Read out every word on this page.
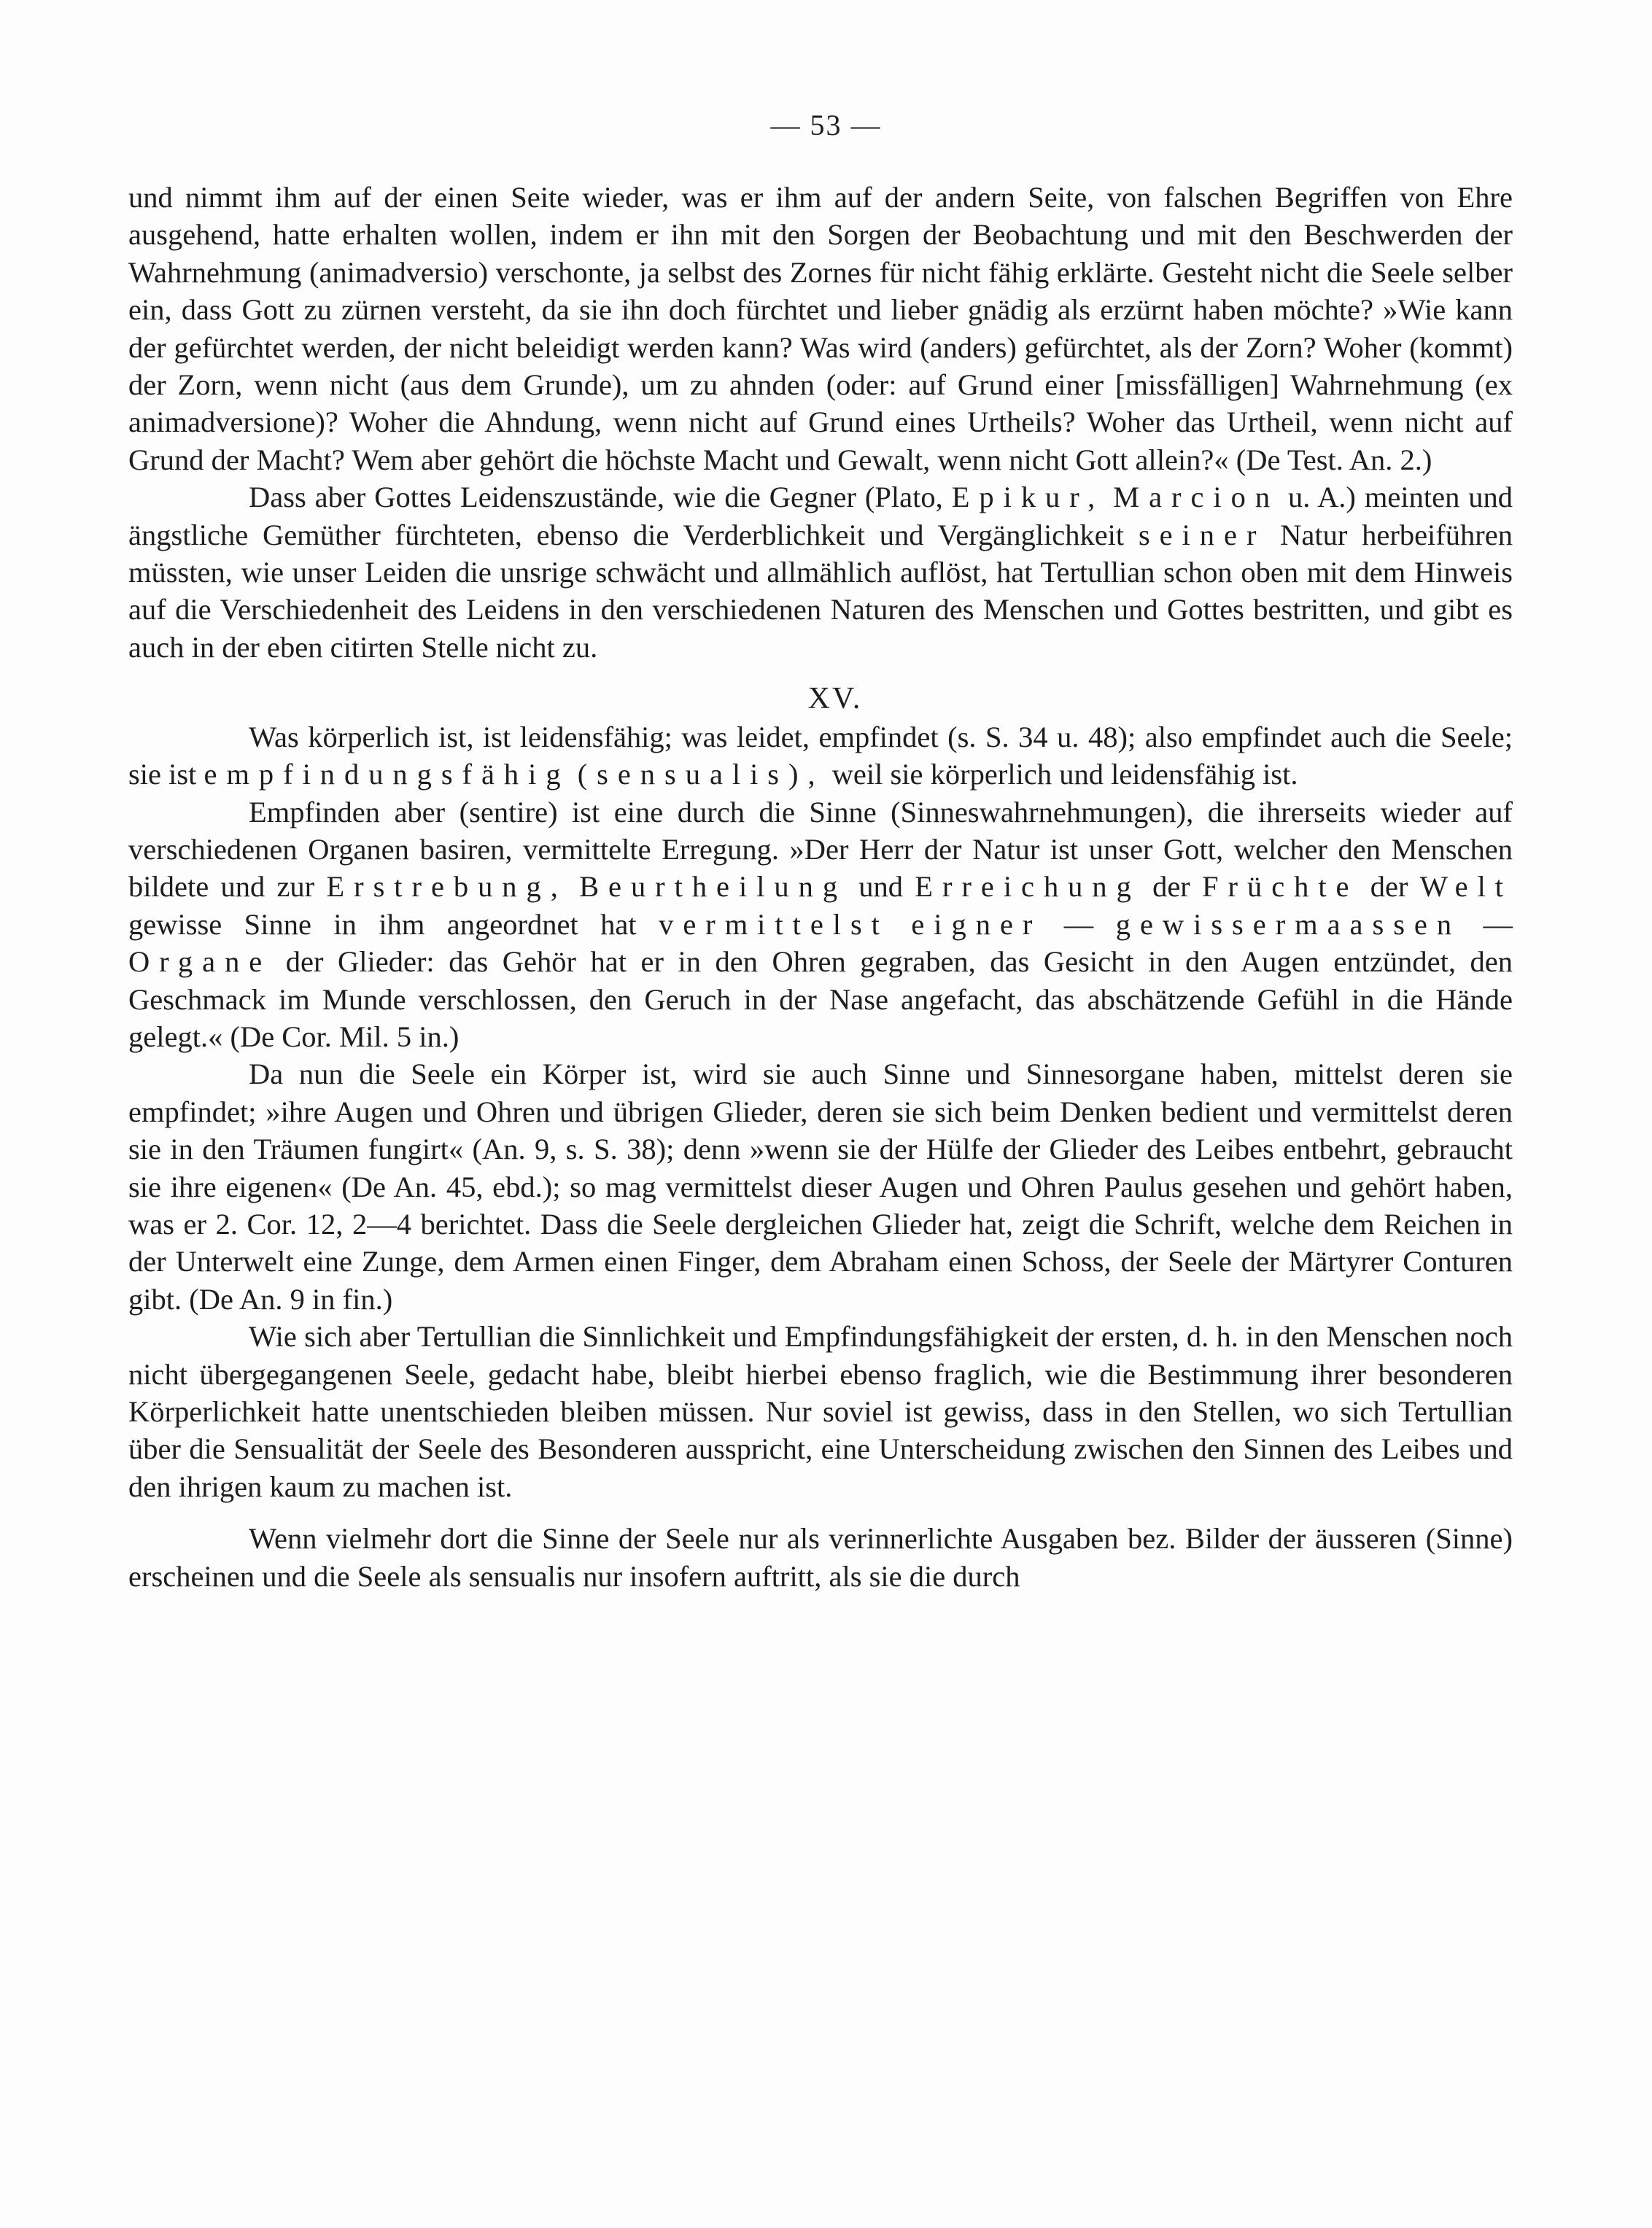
— 53 —

und nimmt ihm auf der einen Seite wieder, was er ihm auf der andern Seite, von falschen Begriffen von Ehre ausgehend, hatte erhalten wollen, indem er ihn mit den Sorgen der Beobachtung und mit den Beschwerden der Wahrnehmung (animadversio) verschonte, ja selbst des Zornes für nicht fähig erklärte. Gesteht nicht die Seele selber ein, dass Gott zu zürnen versteht, da sie ihn doch fürchtet und lieber gnädig als erzürnt haben möchte? »Wie kann der gefürchtet werden, der nicht beleidigt werden kann? Was wird (anders) gefürchtet, als der Zorn? Woher (kommt) der Zorn, wenn nicht (aus dem Grunde), um zu ahnden (oder: auf Grund einer [missfälligen] Wahrnehmung (ex animadversione)? Woher die Ahndung, wenn nicht auf Grund eines Urtheils? Woher das Urtheil, wenn nicht auf Grund der Macht? Wem aber gehört die höchste Macht und Gewalt, wenn nicht Gott allein?« (De Test. An. 2.)

Dass aber Gottes Leidenszustände, wie die Gegner (Plato, Epikur, Marcion u. A.) meinten und ängstliche Gemüther fürchteten, ebenso die Verderblichkeit und Vergänglichkeit seiner Natur herbeiführen müssten, wie unser Leiden die unsrige schwächt und allmählich auflöst, hat Tertullian schon oben mit dem Hinweis auf die Verschiedenheit des Leidens in den verschiedenen Naturen des Menschen und Gottes bestritten, und gibt es auch in der eben citirten Stelle nicht zu.

XV.

Was körperlich ist, ist leidensfähig; was leidet, empfindet (s. S. 34 u. 48); also empfindet auch die Seele; sie ist empfindungsfähig (sensualis), weil sie körperlich und leidensfähig ist.

Empfinden aber (sentire) ist eine durch die Sinne (Sinneswahrnehmungen), die ihrerseits wieder auf verschiedenen Organen basiren, vermittelte Erregung. »Der Herr der Natur ist unser Gott, welcher den Menschen bildete und zur Erstrebung, Beurtheilung und Erreichung der Früchte der Welt gewisse Sinne in ihm angeordnet hat vermittelst eigner — gewissermaassen — Organe der Glieder: das Gehör hat er in den Ohren gegraben, das Gesicht in den Augen entzündet, den Geschmack im Munde verschlossen, den Geruch in der Nase angefacht, das abschätzende Gefühl in die Hände gelegt.« (De Cor. Mil. 5 in.)

Da nun die Seele ein Körper ist, wird sie auch Sinne und Sinnesorgane haben, mittelst deren sie empfindet; »ihre Augen und Ohren und übrigen Glieder, deren sie sich beim Denken bedient und vermittelst deren sie in den Träumen fungirt« (An. 9, s. S. 38); denn »wenn sie der Hülfe der Glieder des Leibes entbehrt, gebraucht sie ihre eigenen« (De An. 45, ebd.); so mag vermittelst dieser Augen und Ohren Paulus gesehen und gehört haben, was er 2. Cor. 12, 2—4 berichtet. Dass die Seele dergleichen Glieder hat, zeigt die Schrift, welche dem Reichen in der Unterwelt eine Zunge, dem Armen einen Finger, dem Abraham einen Schoss, der Seele der Märtyrer Conturen gibt. (De An. 9 in fin.)

Wie sich aber Tertullian die Sinnlichkeit und Empfindungsfähigkeit der ersten, d. h. in den Menschen noch nicht übergegangenen Seele, gedacht habe, bleibt hierbei ebenso fraglich, wie die Bestimmung ihrer besonderen Körperlichkeit hatte unentschieden bleiben müssen. Nur soviel ist gewiss, dass in den Stellen, wo sich Tertullian über die Sensualität der Seele des Besonderen ausspricht, eine Unterscheidung zwischen den Sinnen des Leibes und den ihrigen kaum zu machen ist.

Wenn vielmehr dort die Sinne der Seele nur als verinnerlichte Ausgaben bez. Bilder der äusseren (Sinne) erscheinen und die Seele als sensualis nur insofern auftritt, als sie die durch
